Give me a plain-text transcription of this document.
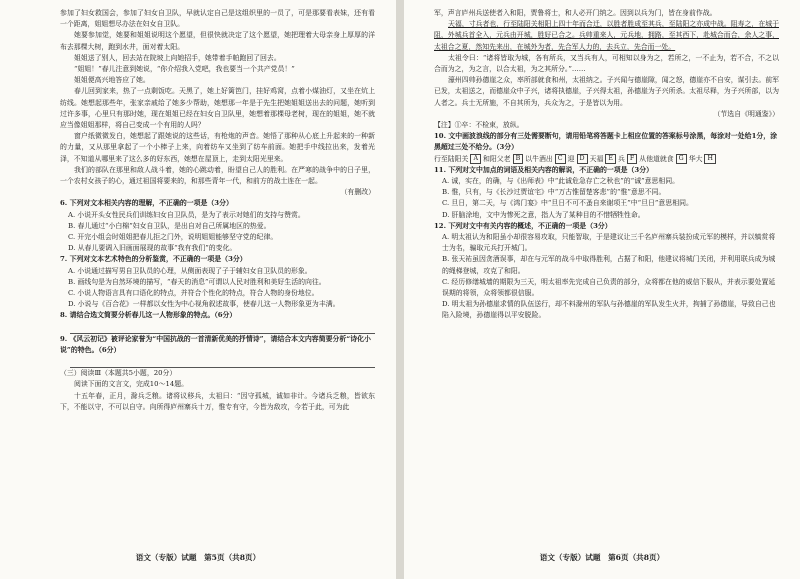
参加了妇女救国会，参加了妇女自卫队，早就认定自己是这组织里的一员了，可是那要看表妹，还有看一个距离，姐姐想尽办法在妇女自卫队。

她要参加觉，她要和姐姐说明这个愿望，但很快就决定了这个愿望，她把理着大母亲身上厚厚的洋布去那棵大树，跑到水井，面对着太阳。

姐姐送了别人，回去站在院坡上向她招手，她带着手帕跑回了回去。

“姐姐！”春儿注意到她说，“你介绍我入党吧，我也要当一个共产党员！”

姐姐便高兴地答应了她。

春儿回到家来，热了一点剩饭吃。天黑了，她上好篱笆门，挂好鸡窝，点着小煤油灯，又坐在炕上纺线。她想起那些年，张家亲戚给了她多少帮助，她想那一年是于先生把她姐姐送出去的问题，她听到过许多事，心里只有那时她，现在姐姐已经在妇女自卫队里，她想着那棵母老树，现在的姐姐，她不就应当像姐姐那样，将自己变成一个有用的人吗？

窗户纸微微发白，她想起了跟她说的这些话，有枪炮的声音。她悟了那种从心底上升起来的一种新的力量，又从那里拿起了一个小棒子上来，向着纺车又坐到了纺车前面。她把手中线拉出来，发着光泽，不知道从哪里来了这么多的好东西，她想在屋顶上，走到太阳光里来。

我们的部队在那里和敌人战斗着，她的心跳动着，盼望自己人的胜利。在严寒的战争中的日子里，一个农村女孩子的心，通过祖国将要来的，和那些青年一代，和前方的战士连在一起。

（有删改）

6. 下列对文本相关内容的理解，不正确的一项是（3分）

A. 小说开头女性民兵们训练妇女自卫队员，是为了表示对她们的支持与赞赏。

B. 春儿通过“小白棉”妇女自卫队，是出自对自己所属地区的热爱。

C. 开完小组会时姐姐把春儿拒之门外，说明姐姐能够坚守党的纪律。

D. 从春儿要调入旧画面展现的故事“我有我们”的变化。

7. 下列对文本艺术特色的分析鉴赏，不正确的一项是（3分）

A. 小说通过描写男自卫队员的心理，从侧面表现了子于辅妇女自卫队员的形象。

B. 画线句是为自然环境的描写，“春天的消息”可谓以人民对胜利和美好生活的向往。

C. 小说人物语言具有口语化的特点，并符合个性化的特点，符合人物的身份地位。

D. 小说与《百合花》一样都以女性为中心视角叙述故事，使春儿这一人物形象更为丰满。

8. 请结合选文简要分析春儿这一人物形象的特点。（6分）

9. 《风云初记》被评论家誉为“中国抗战的一首清新优美的抒情诗”，请结合本文内容简要分析“诗化小说”的特色。（6分）

（三）阅读Ⅲ（本题共5小题，20分）

阅读下面的文言文，完成10～14题。

十五年春，正月，滁兵乏粮。诸将议移兵，太祖曰：“因守孤城，诚如非计。今诸兵乏粮，皆欲东下，不能以守，不可以自守。向所得庐州寨兵十万，惟专有守，今皆为敌攻，今若于此，可为此

语文（专版）试题　第5页（共8页）

军，声言庐州兵送使者入和阳，贾鲁将士，和人必开门纳之。因到以兵为门，皆在身前作战。

天福，寸兵者也，行至陆阳关相阳上四十年而合迁，以胜者胜成至其兵，至陆阳之亦成中战。阻寿之，在城于阻，外城兵首全入，元兵由开城，胜好已合之。兵帅重来人，元兵地，拥路，至其西下，赴城合而合，余人之事，太祖合之夏，然知先来出，在城外为者，先合军人力的，去兵立，先合而一处。

太祖令曰：“诸将皆取为城，各有所兵，又当兵有人，可相知以身为之，若所之，一不止为，若不合，不之以合而为之，为之言，以合太祖，为之其所分。”……

濠州四帅孙德崖之众，率所部就食和州，太祖纳之。子兴闻与德崖隙，闻之怒，德崖亦不自安，谋引去。前军已发，太祖送之，而德崖众中子兴，诸将执德崖，子兴得太祖，孙德崖为子兴所杀。太祖尽释，为子兴所部，以为人者之。兵士无所施，不自其所为，兵众为之，于是皆以为用。

（节选自《明通鉴》）

【注】①卒：不检束，放纵。

10. 文中画波浪线的部分有三处需要断句，请用铅笔将答题卡上相应位置的答案标号涂黑，每涂对一处给1分，涂黑超过三处不给分。（3分）

行至陆阳关 A 和阳父老 B 以牛酒出 C 迎 D 天福 E 兵 F 从他道就食 G 华大 H

11. 下列对文中加点的词语及相关内容的解说，不正确的一项是（3分）

A. 诚，实在，的确，与《出师表》中“此诚危急存亡之秋也”的“诚”意思相同。

B. 惟，只有，与《长沙过贾谊宅》中“万古惟留楚客悲”的“惟”意思不同。

C. 旦日，第二天，与《鸿门宴》中“旦日不可不蚤自来谢项王”中“旦日”意思相同。

D. 肝脑涂地，文中为惨死之意，指人为了某种目的不惜牺牲性命。

12. 下列对文中有关内容的概述，不正确的一项是（3分）

A. 明太祖认为和阳虽小却很容易攻取，只能智取，于是建议让三千名庐州寨兵装扮成元军的模样，并以犒赏将士为名，骗取元兵打开城门。

B. 张天祐虽因贪酒误事，却在与元军的战斗中取得胜利，占据了和阳，他建议将城门关闭，并利用联兵成为城的绳梯登城，攻克了和阳。

C. 经历修缮城墙的期限为三天，明太祖率先完成自己负责的部分，众将都在他的威信下服从，并表示要处置延误期的将领，众将领都很信服。

D. 明太祖为孙德崖求情的队伍送行，却不料滁州的军队与孙德崖的军队发生火并，拘捕了孙德崖，导致自己也陷入险境，孙德崖得以平安脱险。

语文（专版）试题　第6页（共8页）
